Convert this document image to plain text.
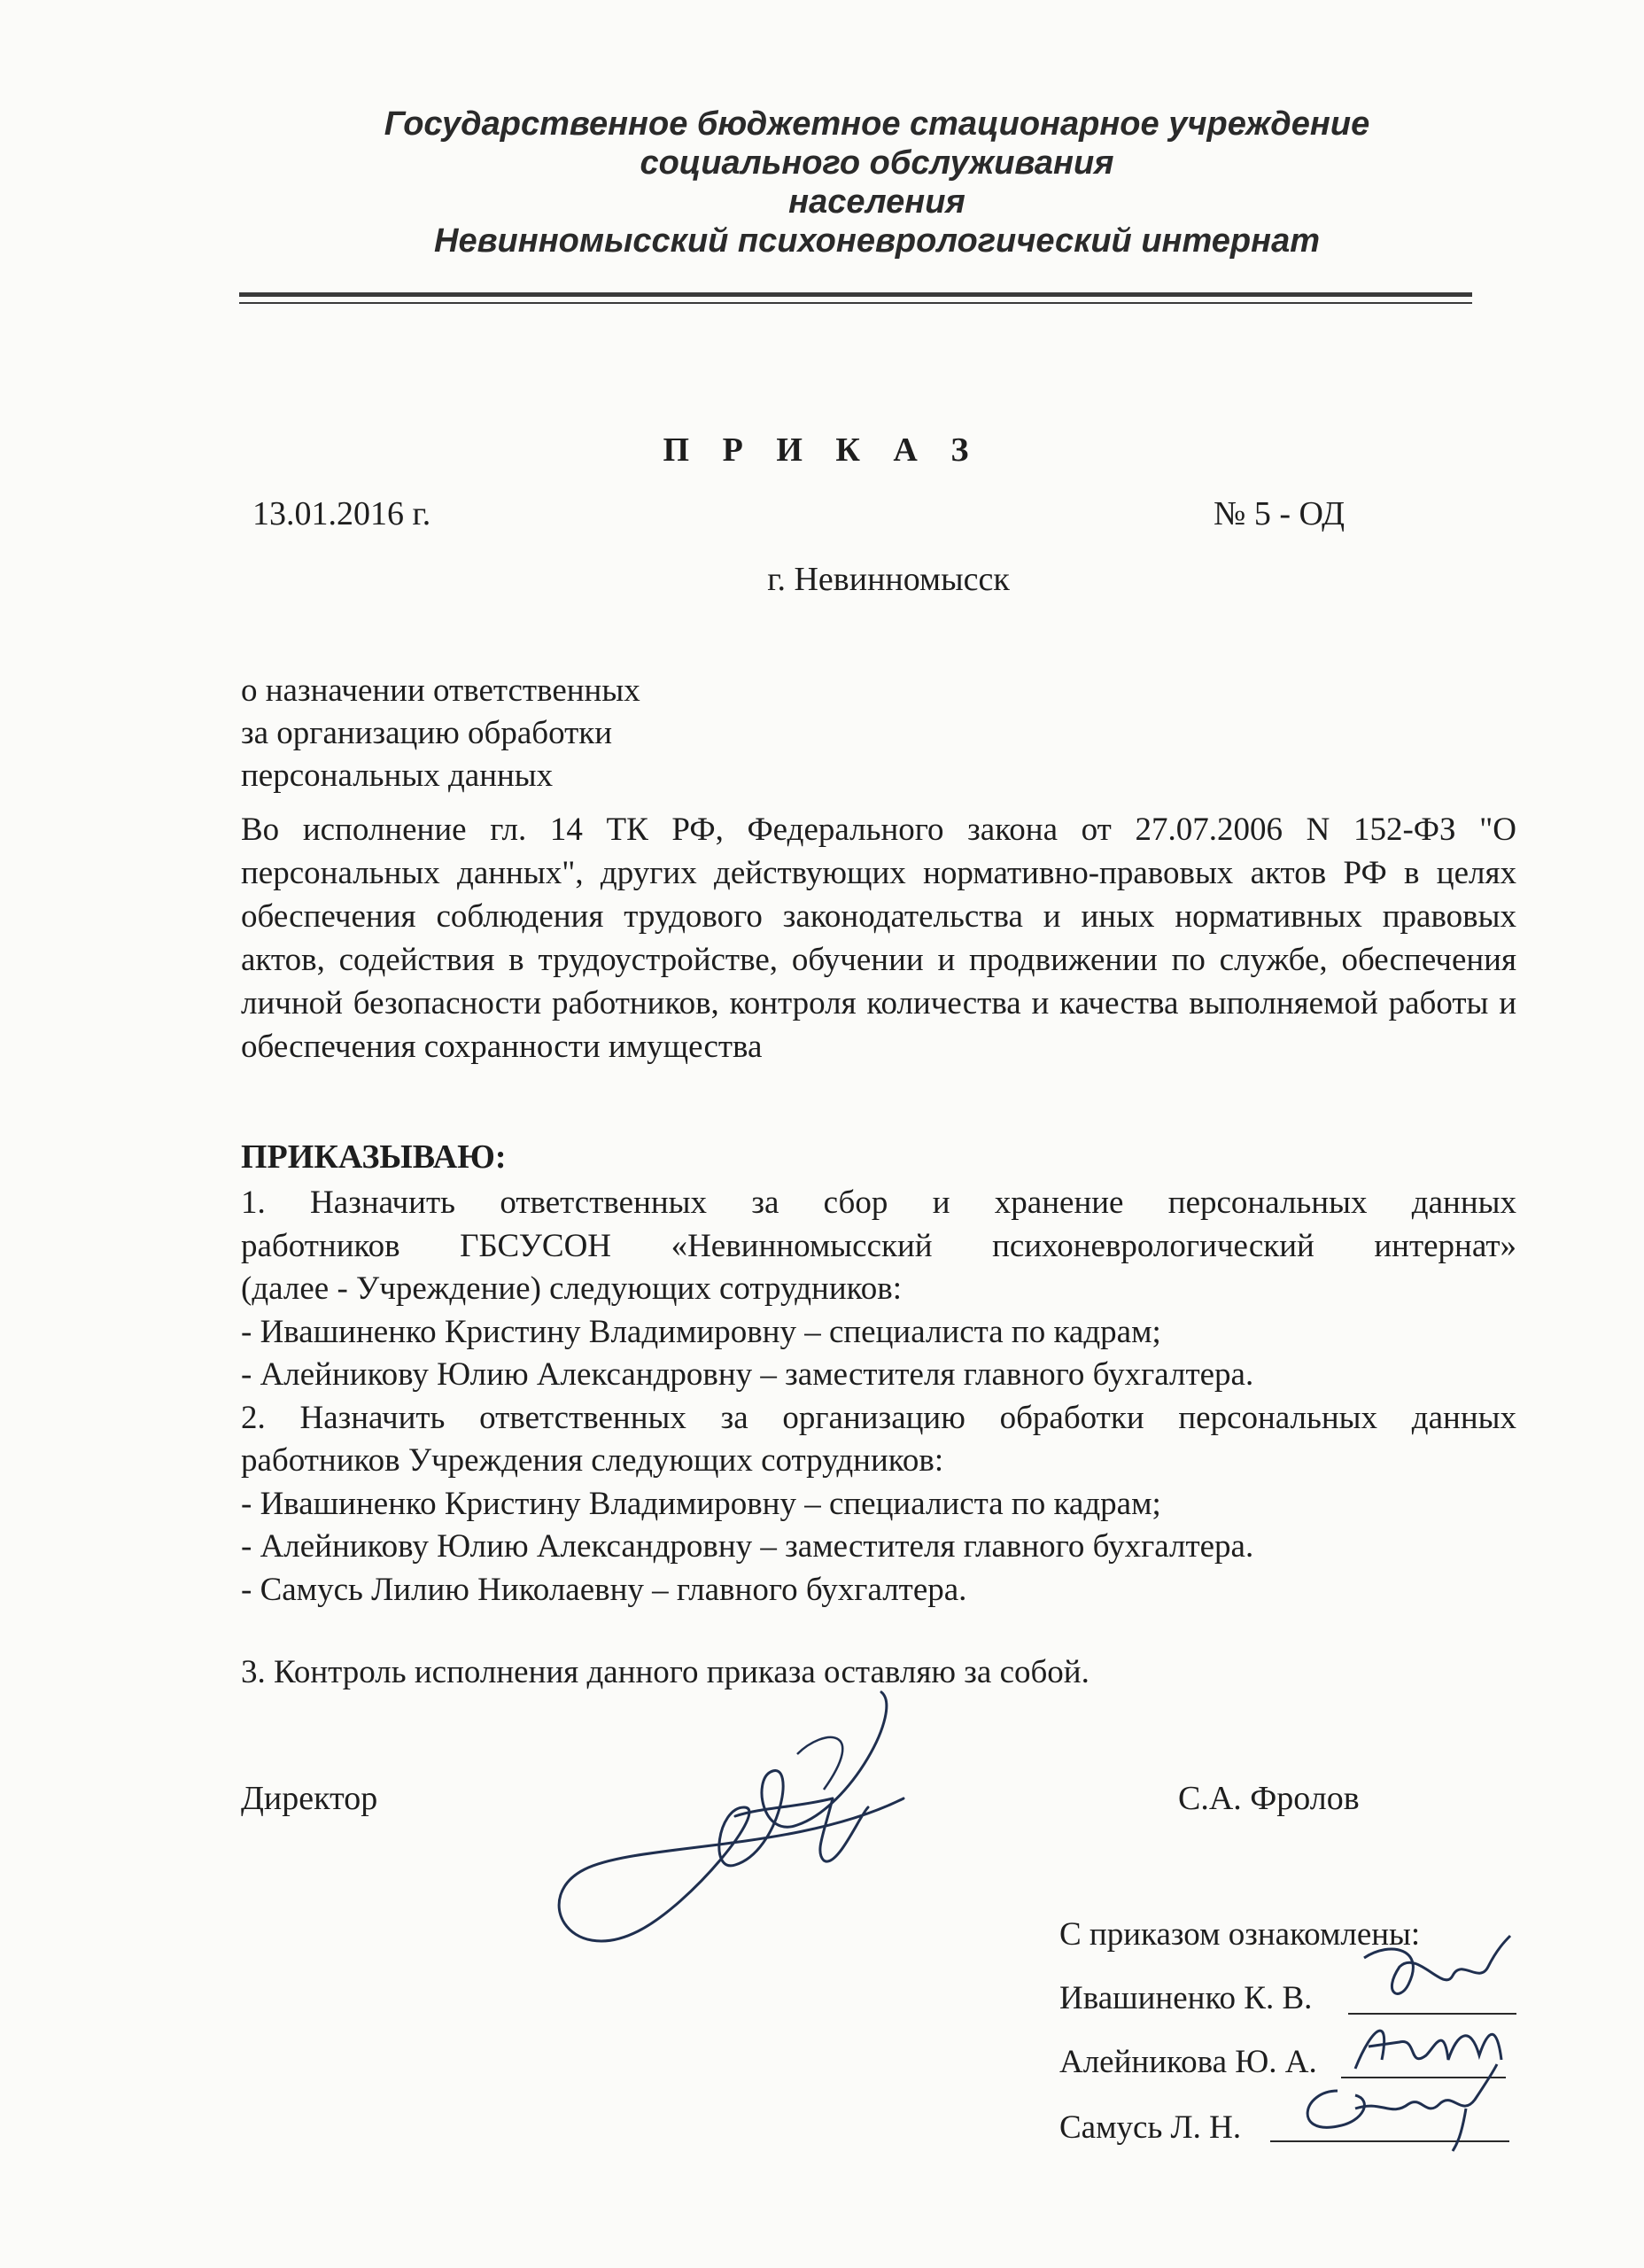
Государственное бюджетное стационарное учреждение
социального обслуживания
населения
Невинномысский психоневрологический интернат
П Р И К А З
13.01.2016 г.	№ 5 - ОД
г. Невинномысск
о назначении ответственных
за организацию обработки
персональных данных
Во исполнение гл. 14 ТК РФ, Федерального закона от 27.07.2006 N 152-ФЗ "О персональных данных", других действующих нормативно-правовых актов РФ в целях обеспечения соблюдения трудового законодательства и иных нормативных правовых актов, содействия в трудоустройстве, обучении и продвижении по службе, обеспечения личной безопасности работников, контроля количества и качества выполняемой работы и обеспечения сохранности имущества
ПРИКАЗЫВАЮ:
1. Назначить ответственных за сбор и хранение персональных данных
работников ГБСУСОН «Невинномысский психоневрологический интернат»
(далее - Учреждение) следующих сотрудников:
- Ивашиненко Кристину Владимировну – специалиста по кадрам;
- Алейникову Юлию Александровну – заместителя главного бухгалтера.
2. Назначить ответственных за организацию обработки персональных данных
работников Учреждения следующих сотрудников:
- Ивашиненко Кристину Владимировну – специалиста по кадрам;
- Алейникову Юлию Александровну – заместителя главного бухгалтера.
- Самусь Лилию Николаевну – главного бухгалтера.
3. Контроль исполнения данного приказа оставляю за собой.
Директор	С.А. Фролов
С приказом ознакомлены:
Ивашиненко К. В.
Алейникова Ю. А.
Самусь Л. Н.
